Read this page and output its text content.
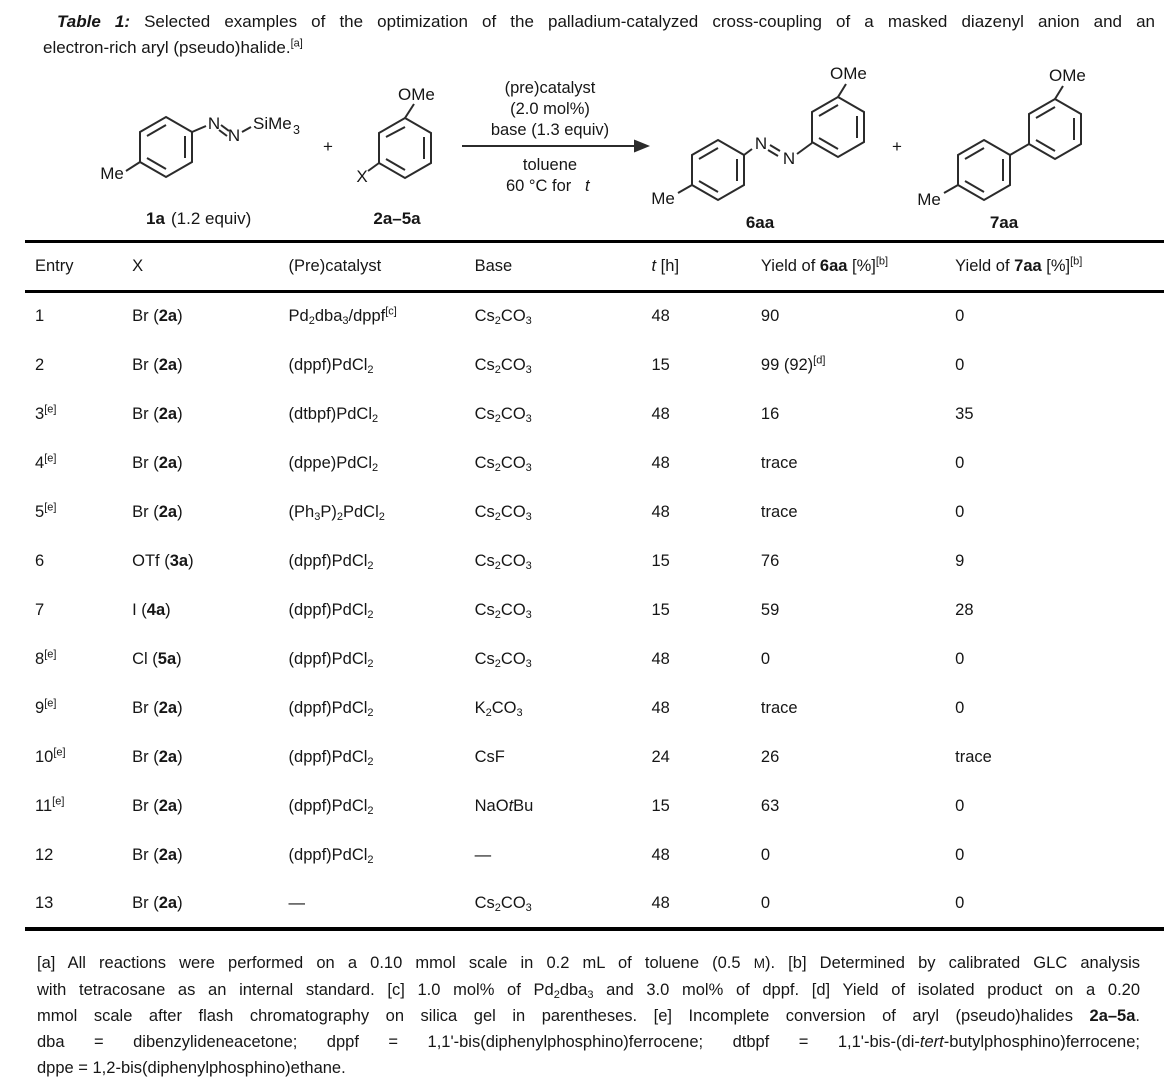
Table 1: Selected examples of the optimization of the palladium-catalyzed cross-coupling of a masked diazenyl anion and an
electron-rich aryl (pseudo)halide.[a]
Me
N
N
SiMe 3
1a (1.2 equiv)
+
OMe
X
2a–5a
(pre)catalyst
(2.0 mol%)
base (1.3 equiv)
toluene
60 °C for t
Me
N
N
OMe
6aa
+
Me
OMe
7aa
Entry	X	(Pre)catalyst	Base	t [h]	Yield of 6aa [%][b]	Yield of 7aa [%][b]
1	Br (2a)	$Pd_2dba_3/dppf[c]$	$Cs_2CO_3$	48	90	0
2	Br (2a)	(dppf)PdCl$_2$	$Cs_2CO_3$	15	99 (92)[d]	0
3[e]	Br (2a)	(dtbpf)PdCl$_2$	$Cs_2CO_3$	48	16	35
4[e]	Br (2a)	(dppe)PdCl$_2$	$Cs_2CO_3$	48	trace	0
5[e]	Br (2a)	$(Ph_3P)_2PdCl_2$	$Cs_2CO_3$	48	trace	0
6	OTf (3a)	(dppf)PdCl$_2$	$Cs_2CO_3$	15	76	9
7	I (4a)	(dppf)PdCl$_2$	$Cs_2CO_3$	15	59	28
8[e]	Cl (5a)	(dppf)PdCl$_2$	$Cs_2CO_3$	48	0	0
9[e]	Br (2a)	(dppf)PdCl$_2$	$K_2CO_3$	48	trace	0
10[e]	Br (2a)	(dppf)PdCl$_2$	CsF	24	26	trace
11[e]	Br (2a)	(dppf)PdCl$_2$	NaOtBu	15	63	0
12	Br (2a)	(dppf)PdCl$_2$	—	48	0	0
13	Br (2a)	—	$Cs_2CO_3$	48	0	0
[a] All reactions were performed on a 0.10 mmol scale in 0.2 mL of toluene (0.5 M). [b] Determined by calibrated GLC analysis
with tetracosane as an internal standard. [c] 1.0 mol% of $Pd_2dba_3$ and 3.0 mol% of dppf. [d] Yield of isolated product on a 0.20
mmol scale after flash chromatography on silica gel in parentheses. [e] Incomplete conversion of aryl (pseudo)halides 2a–5a.
dba = dibenzylideneacetone; dppf = 1,1'-bis(diphenylphosphino)ferrocene; dtbpf = 1,1'-bis-(di-tert-butylphosphino)ferrocene;
dppe = 1,2-bis(diphenylphosphino)ethane.
